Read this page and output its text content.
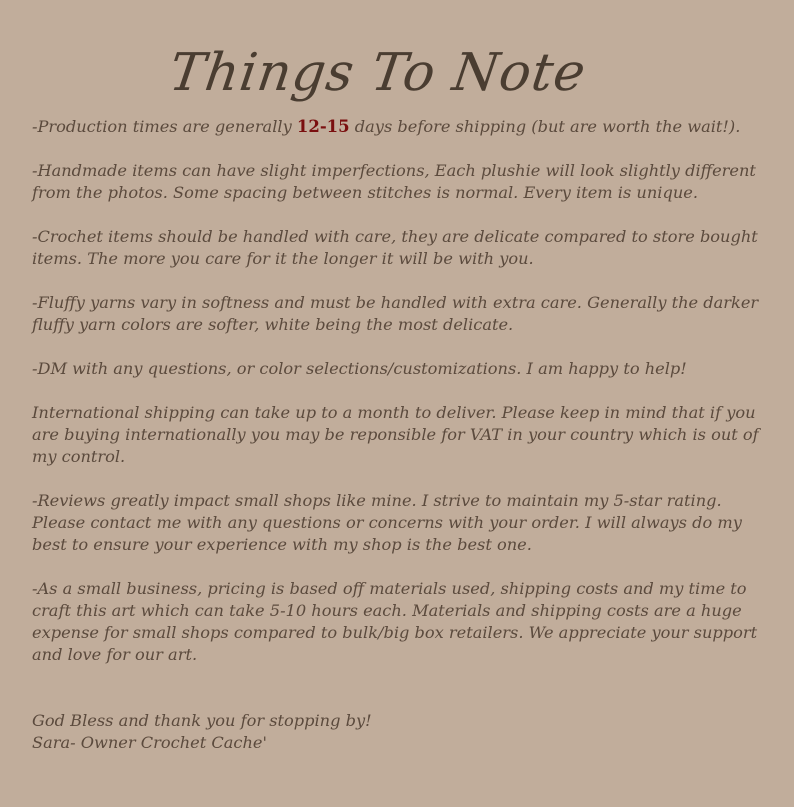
Things To Note

-Production times are generally 12-15 days before shipping (but are worth the wait!).

-Handmade items can have slight imperfections, Each plushie will look slightly different from the photos. Some spacing between stitches is normal. Every item is unique.

-Crochet items should be handled with care, they are delicate compared to store bought items. The more you care for it the longer it will be with you.

-Fluffy yarns vary in softness and must be handled with extra care. Generally the darker fluffy yarn colors are softer, white being the most delicate.

-DM with any questions, or color selections/customizations. I am happy to help!

International shipping can take up to a month to deliver. Please keep in mind that if you are buying internationally you may be reponsible for VAT in your country which is out of my control.

-Reviews greatly impact small shops like mine. I strive to maintain my 5-star rating. Please contact me with any questions or concerns with your order. I will always do my best to ensure your experience with my shop is the best one.

-As a small business, pricing is based off materials used, shipping costs and my time to craft this art which can take 5-10 hours each. Materials and shipping costs are a huge expense for small shops compared to bulk/big box retailers. We appreciate your support and love for our art.

God Bless and thank you for stopping by!
Sara- Owner Crochet Cache'
